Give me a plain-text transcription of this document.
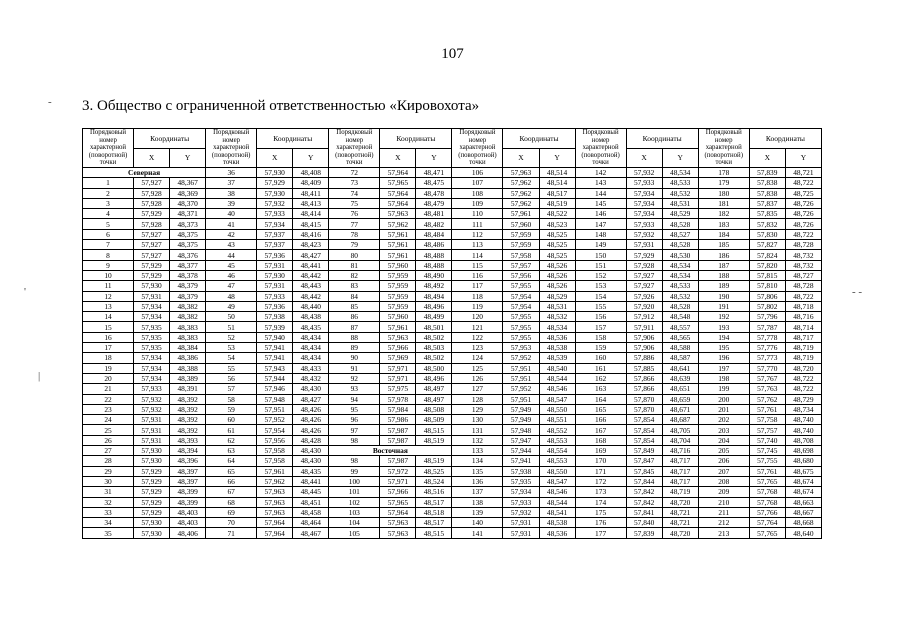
107
3. Общество с ограниченной ответственностью «Кировохота»
Порядковый номер характерной (поворотной) точки	Координаты		Порядковый номер характерной (поворотной) точки	Координаты		Порядковый номер характерной (поворотной) точки	Координаты		Порядковый номер характерной (поворотной) точки	Координаты		Порядковый номер характерной (поворотной) точки	Координаты		Порядковый номер характерной (поворотной) точки	Координаты	
	X	Y		X	Y		X	Y		X	Y		X	Y		X	Y
Северная			36	57,930	48,408	72	57,964	48,471	106	57,963	48,514	142	57,932	48,534	178	57,839	48,721
1	57,927	48,367	37	57,929	48,409	73	57,965	48,475	107	57,962	48,514	143	57,933	48,533	179	57,838	48,722
2	57,928	48,369	38	57,930	48,411	74	57,964	48,478	108	57,962	48,517	144	57,934	48,532	180	57,838	48,725
3	57,928	48,370	39	57,932	48,413	75	57,964	48,479	109	57,962	48,519	145	57,934	48,531	181	57,837	48,726
4	57,929	48,371	40	57,933	48,414	76	57,963	48,481	110	57,961	48,522	146	57,934	48,529	182	57,835	48,726
5	57,928	48,373	41	57,934	48,415	77	57,962	48,482	111	57,960	48,523	147	57,933	48,528	183	57,832	48,726
6	57,927	48,375	42	57,937	48,416	78	57,961	48,484	112	57,959	48,525	148	57,932	48,527	184	57,830	48,722
7	57,927	48,375	43	57,937	48,423	79	57,961	48,486	113	57,959	48,525	149	57,931	48,528	185	57,827	48,728
8	57,927	48,376	44	57,936	48,427	80	57,961	48,488	114	57,958	48,525	150	57,929	48,530	186	57,824	48,732
9	57,929	48,377	45	57,931	48,441	81	57,960	48,488	115	57,957	48,526	151	57,928	48,534	187	57,820	48,732
10	57,929	48,378	46	57,930	48,442	82	57,959	48,490	116	57,956	48,526	152	57,927	48,534	188	57,815	48,727
11	57,930	48,379	47	57,931	48,443	83	57,959	48,492	117	57,955	48,526	153	57,927	48,533	189	57,810	48,728
12	57,931	48,379	48	57,933	48,442	84	57,959	48,494	118	57,954	48,529	154	57,926	48,532	190	57,806	48,722
13	57,934	48,382	49	57,936	48,440	85	57,959	48,496	119	57,954	48,531	155	57,920	48,528	191	57,802	48,718
14	57,934	48,382	50	57,938	48,438	86	57,960	48,499	120	57,955	48,532	156	57,912	48,548	192	57,796	48,716
15	57,935	48,383	51	57,939	48,435	87	57,961	48,501	121	57,955	48,534	157	57,911	48,557	193	57,787	48,714
16	57,935	48,383	52	57,940	48,434	88	57,963	48,502	122	57,955	48,536	158	57,906	48,565	194	57,778	48,717
17	57,935	48,384	53	57,941	48,434	89	57,966	48,503	123	57,953	48,538	159	57,906	48,588	195	57,776	48,719
18	57,934	48,386	54	57,941	48,434	90	57,969	48,502	124	57,952	48,539	160	57,886	48,587	196	57,773	48,719
19	57,934	48,388	55	57,943	48,433	91	57,971	48,500	125	57,951	48,540	161	57,885	48,641	197	57,770	48,720
20	57,934	48,389	56	57,944	48,432	92	57,971	48,496	126	57,951	48,544	162	57,866	48,639	198	57,767	48,722
21	57,933	48,391	57	57,946	48,430	93	57,975	48,497	127	57,952	48,546	163	57,866	48,651	199	57,763	48,722
22	57,932	48,392	58	57,948	48,427	94	57,978	48,497	128	57,951	48,547	164	57,870	48,659	200	57,762	48,729
23	57,932	48,392	59	57,951	48,426	95	57,984	48,508	129	57,949	48,550	165	57,870	48,671	201	57,761	48,734
24	57,931	48,392	60	57,952	48,426	96	57,986	48,509	130	57,949	48,551	166	57,854	48,687	202	57,758	48,740
25	57,931	48,392	61	57,954	48,426	97	57,987	48,515	131	57,948	48,552	167	57,854	48,705	203	57,757	48,740
26	57,931	48,393	62	57,956	48,428	98	57,987	48,519	132	57,947	48,553	168	57,854	48,704	204	57,740	48,708
27	57,930	48,394	63	57,958	48,430	Восточная			133	57,944	48,554	169	57,849	48,716	205	57,745	48,698
28	57,930	48,396	64	57,958	48,430	98	57,987	48,519	134	57,941	48,553	170	57,847	48,717	206	57,755	48,680
29	57,929	48,397	65	57,961	48,435	99	57,972	48,525	135	57,938	48,550	171	57,845	48,717	207	57,761	48,675
30	57,929	48,397	66	57,962	48,441	100	57,971	48,524	136	57,935	48,547	172	57,844	48,717	208	57,765	48,674
31	57,929	48,399	67	57,963	48,445	101	57,966	48,516	137	57,934	48,546	173	57,842	48,719	209	57,768	48,674
32	57,929	48,399	68	57,963	48,451	102	57,965	48,517	138	57,933	48,544	174	57,842	48,720	210	57,768	48,663
33	57,929	48,403	69	57,963	48,458	103	57,964	48,518	139	57,932	48,541	175	57,841	48,721	211	57,766	48,667
34	57,930	48,403	70	57,964	48,464	104	57,963	48,517	140	57,931	48,538	176	57,840	48,721	212	57,764	48,668
35	57,930	48,406	71	57,964	48,467	105	57,963	48,515	141	57,931	48,536	177	57,839	48,720	213	57,765	48,640
-
'
|
- -
